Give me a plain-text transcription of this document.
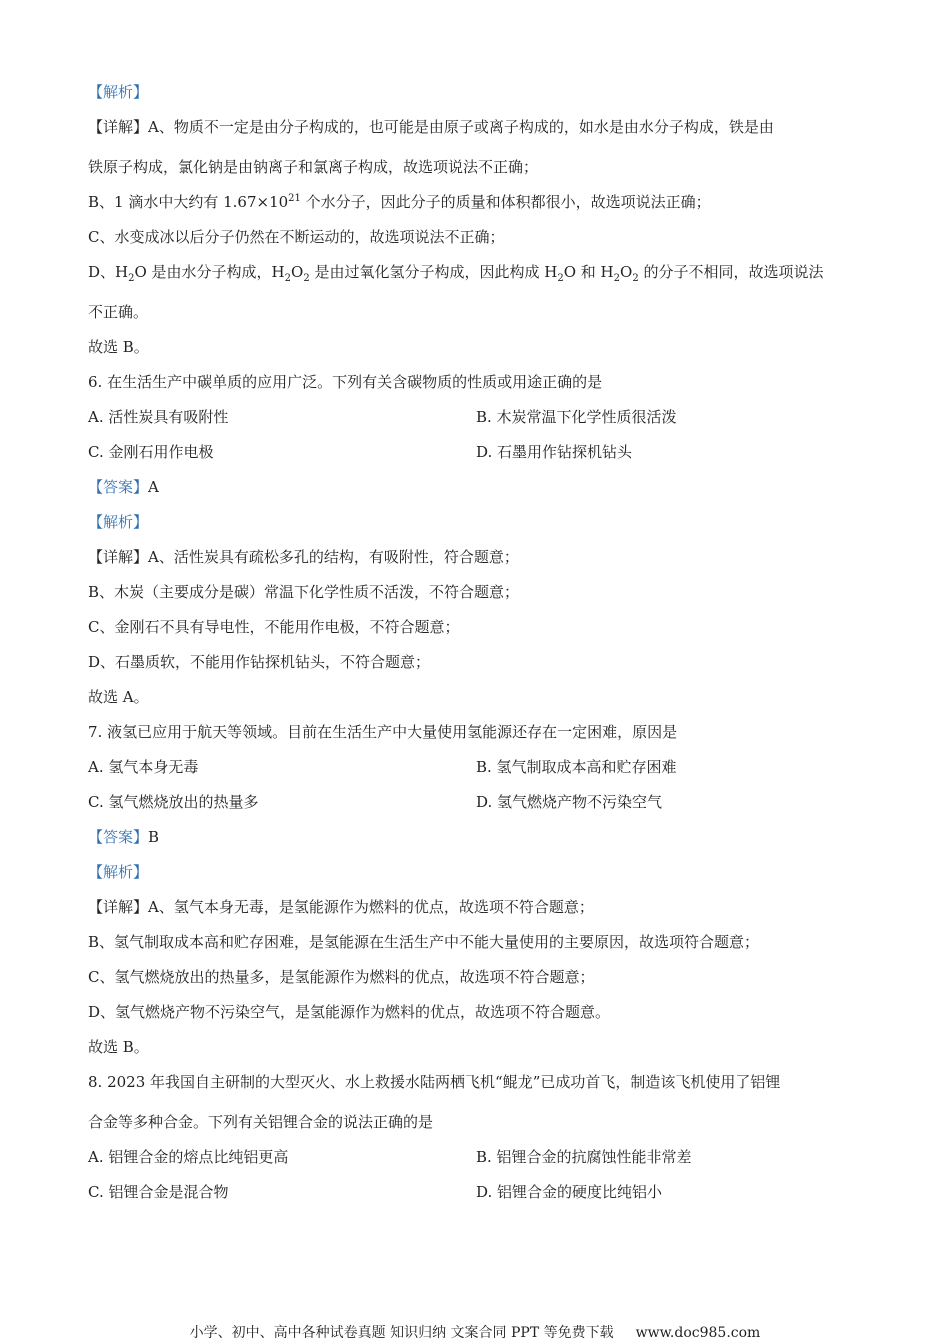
【解析】
【详解】A、物质不一定是由分子构成的，也可能是由原子或离子构成的，如水是由水分子构成，铁是由
铁原子构成，氯化钠是由钠离子和氯离子构成，故选项说法不正确；
B、1 滴水中大约有 $1.67\times 10^{21}$ 个水分子，因此分子的质量和体积都很小，故选项说法正确；
C、水变成冰以后分子仍然在不断运动的，故选项说法不正确；
D、$H_2O$ 是由水分子构成，$H_2O_2$ 是由过氧化氢分子构成，因此构成 $H_2O$ 和 $H_2O_2$ 的分子不相同，故选项说法
不正确。
故选 B。
6. 在生活生产中碳单质的应用广泛。下列有关含碳物质的性质或用途正确的是
A. 活性炭具有吸附性	B. 木炭常温下化学性质很活泼
C. 金刚石用作电极	D. 石墨用作钻探机钻头
【答案】A
【解析】
【详解】A、活性炭具有疏松多孔的结构，有吸附性，符合题意；
B、木炭（主要成分是碳）常温下化学性质不活泼，不符合题意；
C、金刚石不具有导电性，不能用作电极，不符合题意；
D、石墨质软，不能用作钻探机钻头，不符合题意；
故选 A。
7. 液氢已应用于航天等领域。目前在生活生产中大量使用氢能源还存在一定困难，原因是
A. 氢气本身无毒	B. 氢气制取成本高和贮存困难
C. 氢气燃烧放出的热量多	D. 氢气燃烧产物不污染空气
【答案】B
【解析】
【详解】A、氢气本身无毒，是氢能源作为燃料的优点，故选项不符合题意；
B、氢气制取成本高和贮存困难，是氢能源在生活生产中不能大量使用的主要原因，故选项符合题意；
C、氢气燃烧放出的热量多，是氢能源作为燃料的优点，故选项不符合题意；
D、氢气燃烧产物不污染空气，是氢能源作为燃料的优点，故选项不符合题意。
故选 B。
8. 2023 年我国自主研制的大型灭火、水上救援水陆两栖飞机“鲲龙”已成功首飞，制造该飞机使用了铝锂
合金等多种合金。下列有关铝锂合金的说法正确的是
A. 铝锂合金的熔点比纯铝更高	B. 铝锂合金的抗腐蚀性能非常差
C. 铝锂合金是混合物	D. 铝锂合金的硬度比纯铝小
小学、初中、高中各种试卷真题 知识归纳 文案合同 PPT 等免费下载 www.doc985.com
